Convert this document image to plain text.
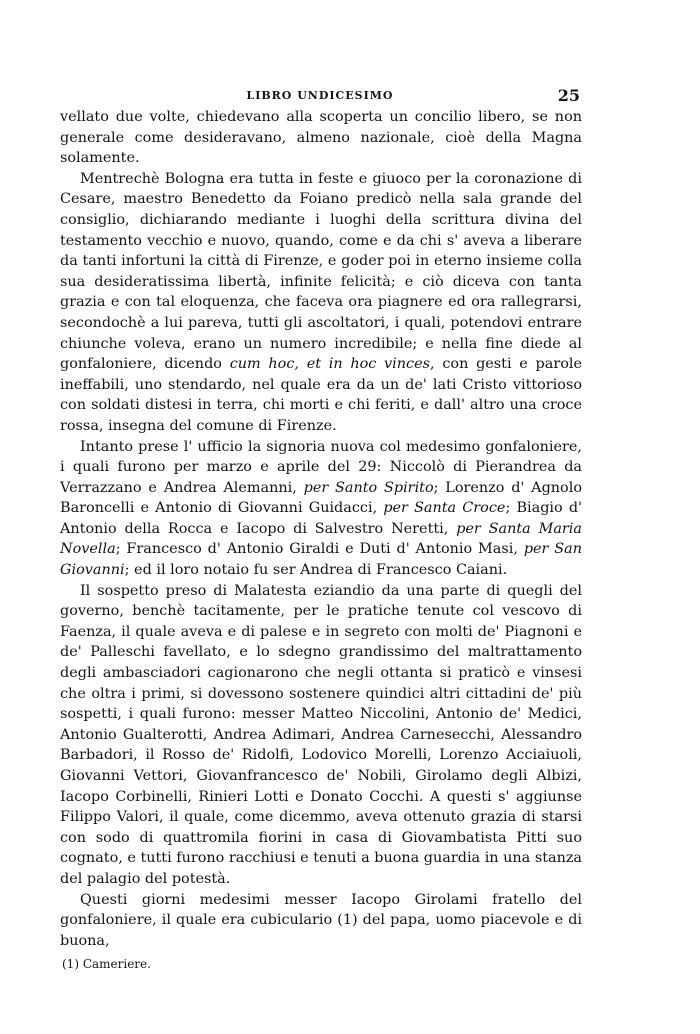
LIBRO UNDICESIMO	25

vellato due volte, chiedevano alla scoperta un concilio libero, se non generale come desideravano, almeno nazionale, cioè della Magna solamente.

Mentrechè Bologna era tutta in feste e giuoco per la coronazione di Cesare, maestro Benedetto da Foiano predicò nella sala grande del consiglio, dichiarando mediante i luoghi della scrittura divina del testamento vecchio e nuovo, quando, come e da chi s' aveva a liberare da tanti infortuni la città di Firenze, e goder poi in eterno insieme colla sua desideratissima libertà, infinite felicità; e ciò diceva con tanta grazia e con tal eloquenza, che faceva ora piagnere ed ora rallegrarsi, secondochè a lui pareva, tutti gli ascoltatori, i quali, potendovi entrare chiunche voleva, erano un numero incredibile; e nella fine diede al gonfaloniere, dicendo cum hoc, et in hoc vinces, con gesti e parole ineffabili, uno stendardo, nel quale era da un de' lati Cristo vittorioso con soldati distesi in terra, chi morti e chi feriti, e dall' altro una croce rossa, insegna del comune di Firenze.

Intanto prese l' ufficio la signoria nuova col medesimo gonfaloniere, i quali furono per marzo e aprile del 29: Niccolò di Pierandrea da Verrazzano e Andrea Alemanni, per Santo Spirito; Lorenzo d' Agnolo Baroncelli e Antonio di Giovanni Guidacci, per Santa Croce; Biagio d' Antonio della Rocca e Iacopo di Salvestro Neretti, per Santa Maria Novella; Francesco d' Antonio Giraldi e Duti d' Antonio Masi, per San Giovanni; ed il loro notaio fu ser Andrea di Francesco Caiani.

Il sospetto preso di Malatesta eziandio da una parte di quegli del governo, benchè tacitamente, per le pratiche tenute col vescovo di Faenza, il quale aveva e di palese e in segreto con molti de' Piagnoni e de' Palleschi favellato, e lo sdegno grandissimo del maltrattamento degli ambasciadori cagionarono che negli ottanta si praticò e vinsesi che oltra i primi, si dovessono sostenere quindici altri cittadini de' più sospetti, i quali furono: messer Matteo Niccolini, Antonio de' Medici, Antonio Gualterotti, Andrea Adimari, Andrea Carnesecchi, Alessandro Barbadori, il Rosso de' Ridolfi, Lodovico Morelli, Lorenzo Acciaiuoli, Giovanni Vettori, Giovanfrancesco de' Nobili, Girolamo degli Albizi, Iacopo Corbinelli, Rinieri Lotti e Donato Cocchi. A questi s' aggiunse Filippo Valori, il quale, come dicemmo, aveva ottenuto grazia di starsi con sodo di quattromila fiorini in casa di Giovambatista Pitti suo cognato, e tutti furono racchiusi e tenuti a buona guardia in una stanza del palagio del potestà.

Questi giorni medesimi messer Iacopo Girolami fratello del gonfaloniere, il quale era cubiculario (1) del papa, uomo piacevole e di buona,

(1) Cameriere.
